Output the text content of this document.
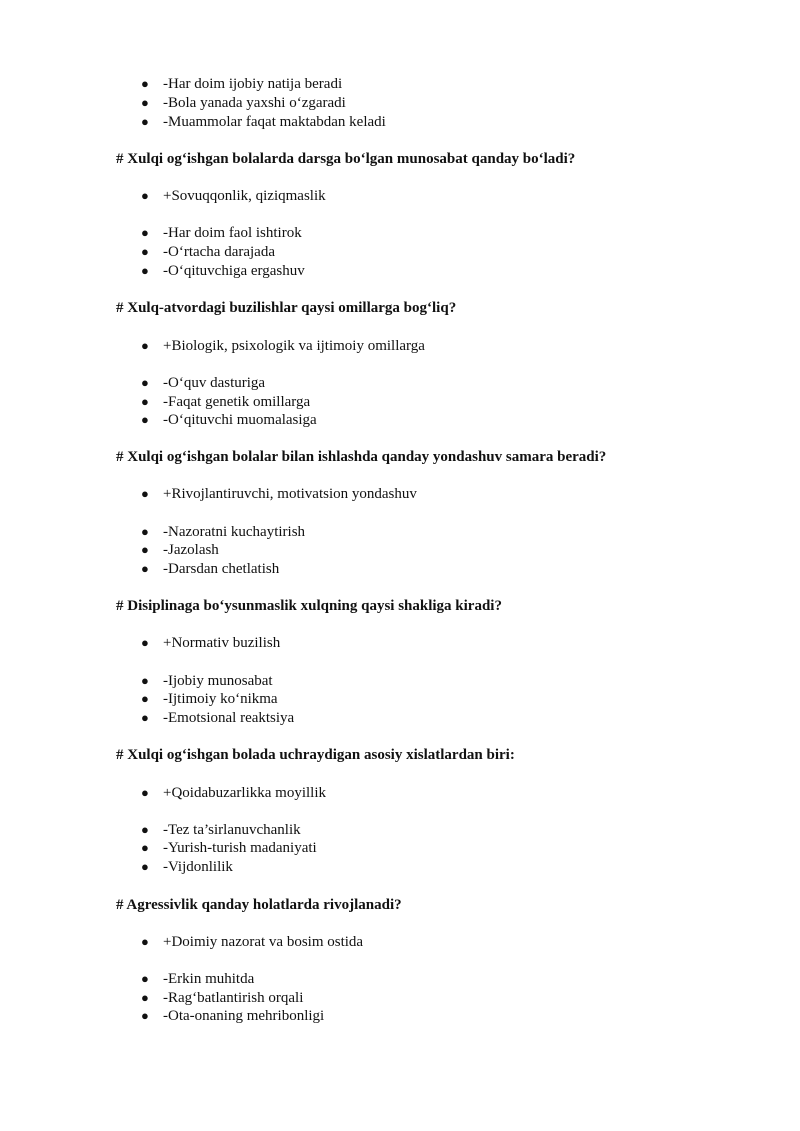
● -Har doim ijobiy natija beradi
● -Bola yanada yaxshi o‘zgaradi
● -Muammolar faqat maktabdan keladi
# Xulqi og‘ishgan bolalarda darsga bo‘lgan munosabat qanday bo‘ladi?
● +Sovuqqonlik, qiziqmaslik
● -Har doim faol ishtirok
● -O‘rtacha darajada
● -O‘qituvchiga ergashuv
# Xulq-atvordagi buzilishlar qaysi omillarga bog‘liq?
● +Biologik, psixologik va ijtimoiy omillarga
● -O‘quv dasturiga
● -Faqat genetik omillarga
● -O‘qituvchi muomalasiga
# Xulqi og‘ishgan bolalar bilan ishlashda qanday yondashuv samara beradi?
● +Rivojlantiruvchi, motivatsion yondashuv
● -Nazoratni kuchaytirish
● -Jazolash
● -Darsdan chetlatish
# Disiplinaga bo‘ysunmaslik xulqning qaysi shakliga kiradi?
● +Normativ buzilish
● -Ijobiy munosabat
● -Ijtimoiy ko‘nikma
● -Emotsional reaktsiya
# Xulqi og‘ishgan bolada uchraydigan asosiy xislatlardan biri:
● +Qoidabuzarlikka moyillik
● -Tez ta’sirlanuvchanlik
● -Yurish-turish madaniyati
● -Vijdonlilik
# Agressivlik qanday holatlarda rivojlanadi?
● +Doimiy nazorat va bosim ostida
● -Erkin muhitda
● -Rag‘batlantirish orqali
● -Ota-onaning mehribonligi
